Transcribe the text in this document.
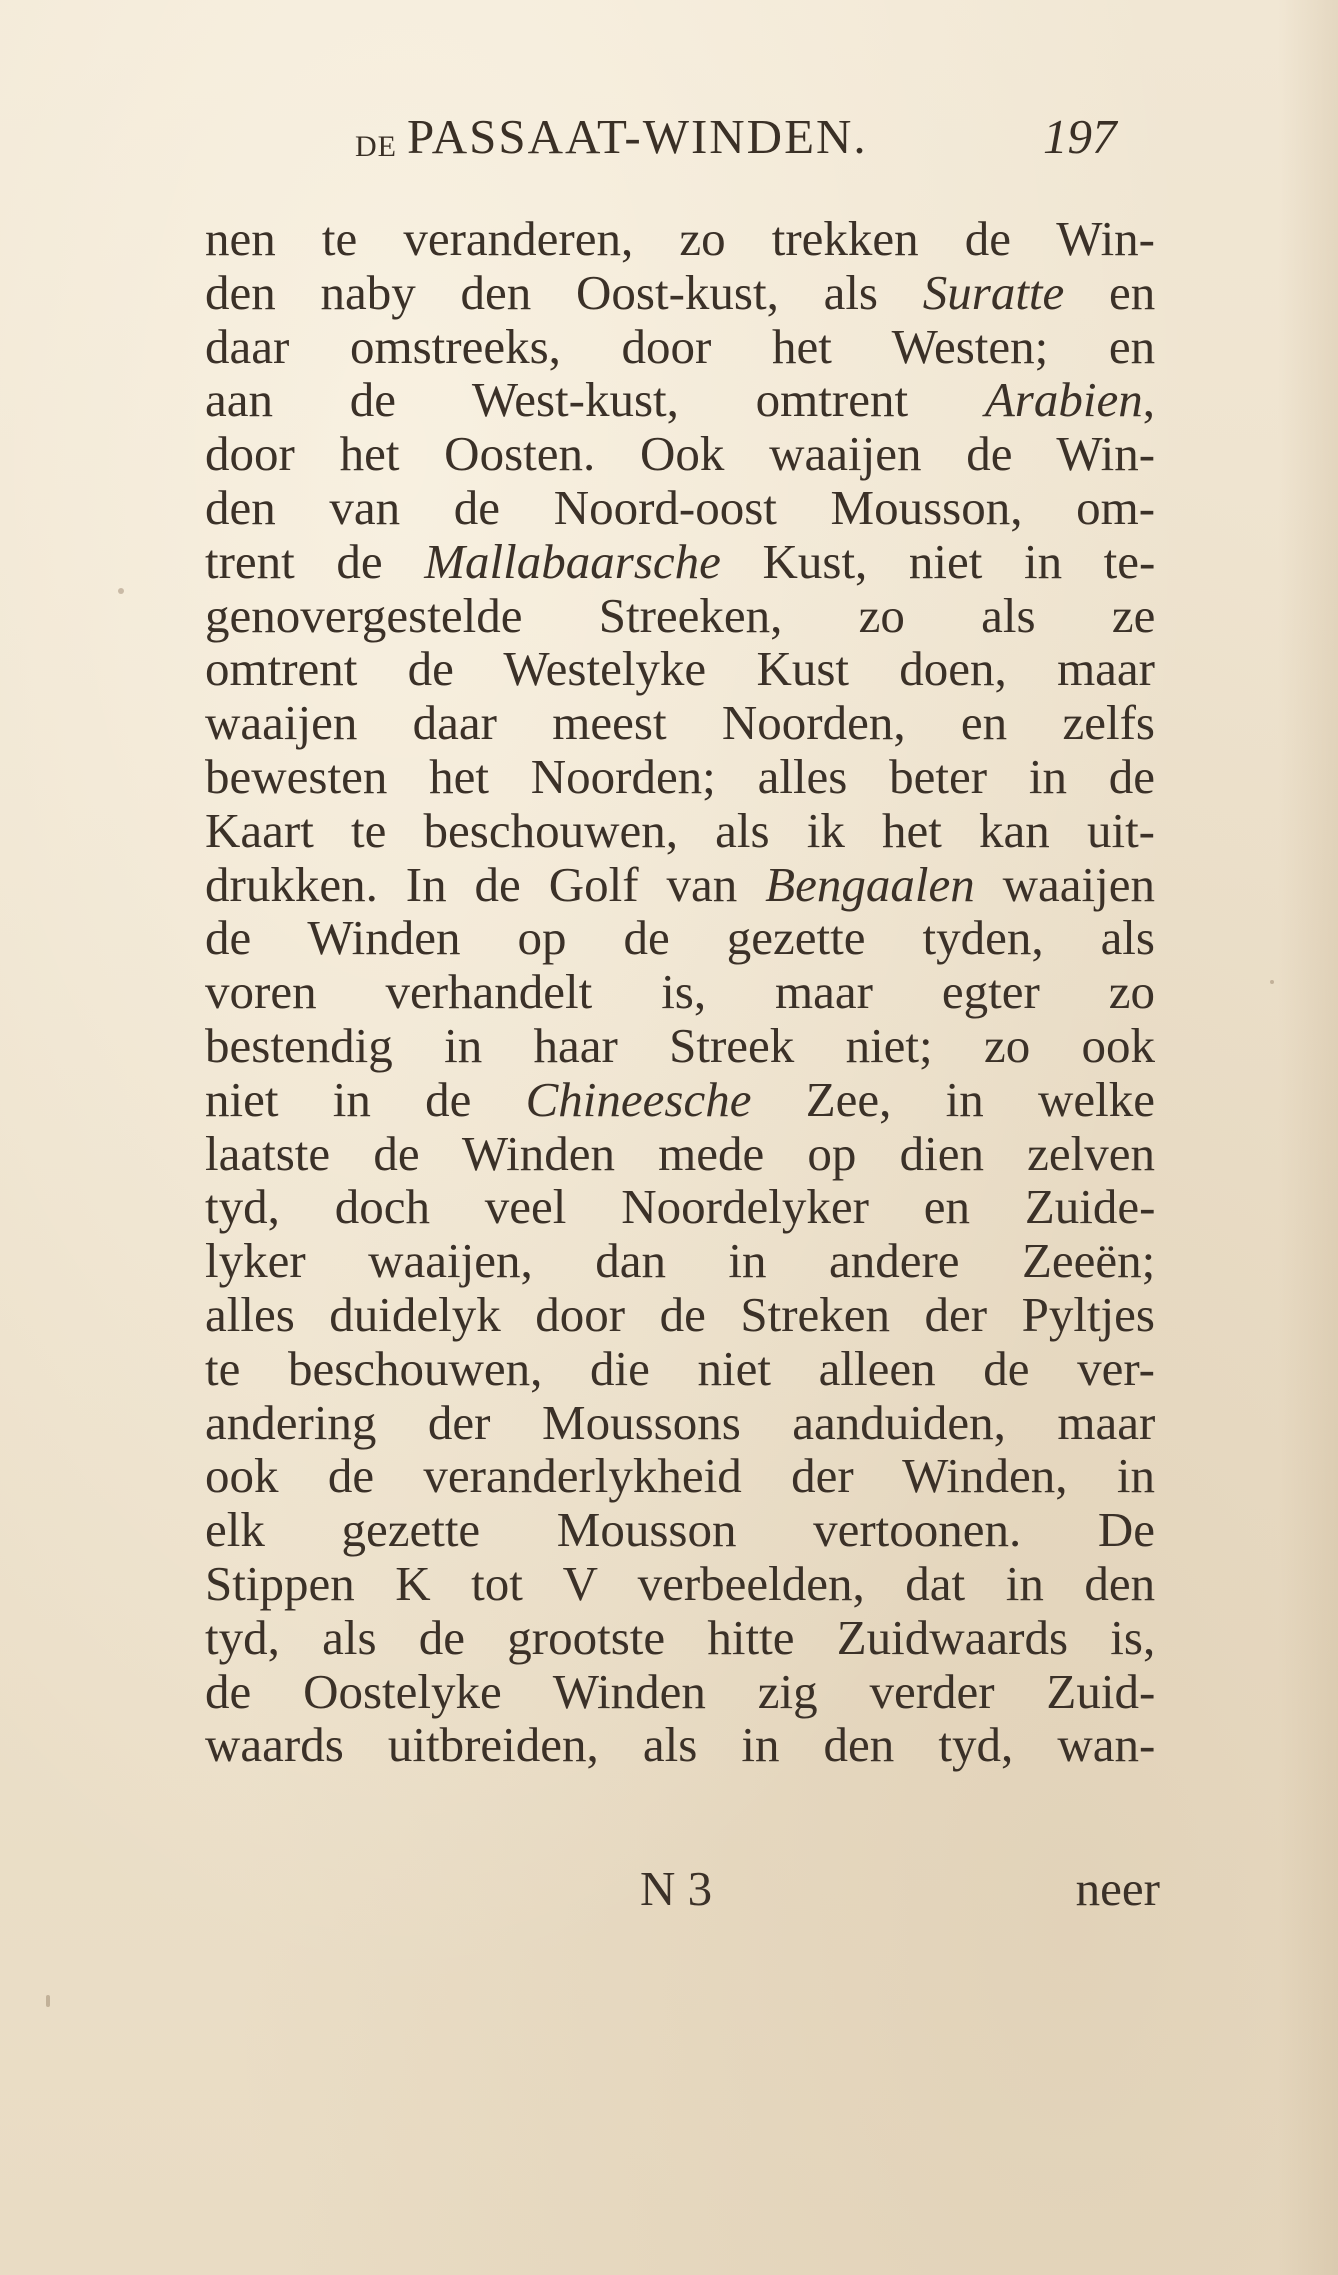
DE PASSAAT-WINDEN.	197
nen te veranderen, zo trekken de Win-
den naby den Oost-kust, als Suratte en
daar omstreeks, door het Westen; en
aan de West-kust, omtrent Arabien,
door het Oosten. Ook waaijen de Win-
den van de Noord-oost Mousson, om-
trent de Mallabaarsche Kust, niet in te-
genovergestelde Streeken, zo als ze
omtrent de Westelyke Kust doen, maar
waaijen daar meest Noorden, en zelfs
bewesten het Noorden; alles beter in de
Kaart te beschouwen, als ik het kan uit-
drukken. In de Golf van Bengaalen waaijen
de Winden op de gezette tyden, als
voren verhandelt is, maar egter zo
bestendig in haar Streek niet; zo ook
niet in de Chineesche Zee, in welke
laatste de Winden mede op dien zelven
tyd, doch veel Noordelyker en Zuide-
lyker waaijen, dan in andere Zeeën;
alles duidelyk door de Streken der Pyltjes
te beschouwen, die niet alleen de ver-
andering der Moussons aanduiden, maar
ook de veranderlykheid der Winden, in
elk gezette Mousson vertoonen. De
Stippen K tot V verbeelden, dat in den
tyd, als de grootste hitte Zuidwaards is,
de Oostelyke Winden zig verder Zuid-
waards uitbreiden, als in den tyd, wan-
N 3	neer
